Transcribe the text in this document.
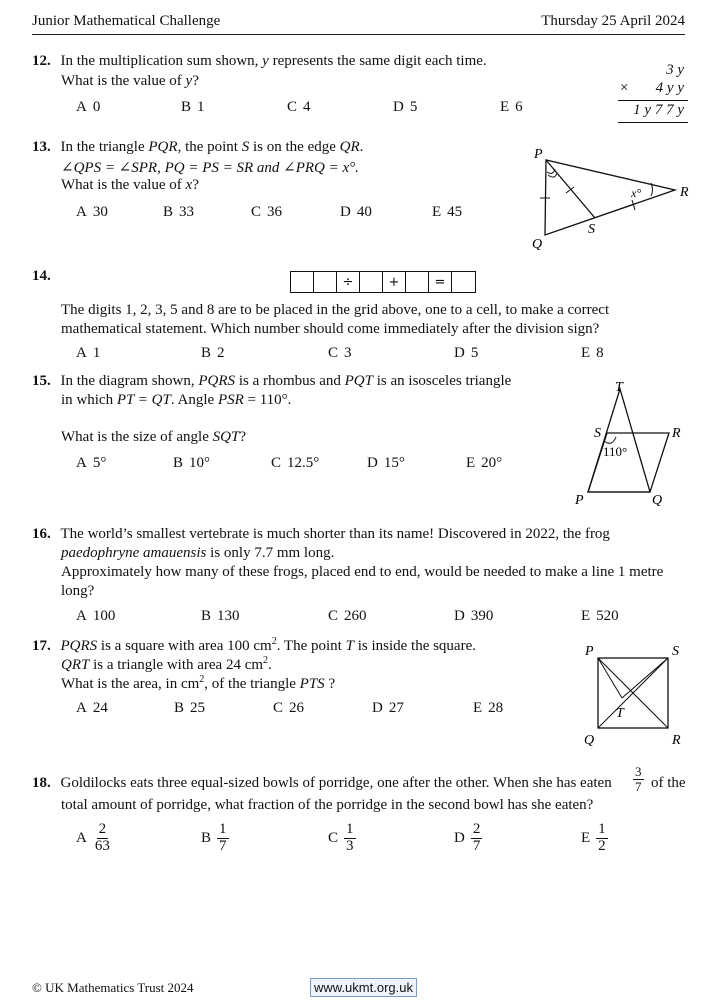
Junior Mathematical Challenge	Thursday 25 April 2024
12. In the multiplication sum shown, y represents the same digit each time.
What is the value of y?
A 0	B 1	C 4	D 5	E 6
3 y
× 4 y y
1 y 7 7 y
13. In the triangle PQR, the point S is on the edge QR.
∠QPS = ∠SPR, PQ = PS = SR and ∠PRQ = x°.
What is the value of x?
A 30	B 33	C 36	D 40	E 45
P
Q
R
S
x°
14.	÷	+	=
The digits 1, 2, 3, 5 and 8 are to be placed in the grid above, one to a cell, to make a correct
mathematical statement. Which number should come immediately after the division sign?
A 1	B 2	C 3	D 5	E 8
15. In the diagram shown, PQRS is a rhombus and PQT is an isosceles triangle
in which PT = QT. Angle PSR = 110°.
What is the size of angle SQT?
A 5°	B 10°	C 12.5°	D 15°	E 20°
T
S	R
P	Q
110°
16. The world’s smallest vertebrate is much shorter than its name! Discovered in 2022, the frog
paedophryne amauensis is only 7.7 mm long.
Approximately how many of these frogs, placed end to end, would be needed to make a line 1 metre
long?
A 100	B 130	C 260	D 390	E 520
17. PQRS is a square with area 100 $cm^2$. The point T is inside the square.
QRT is a triangle with area 24 $cm^2$.
What is the area, in $cm^2$, of the triangle PTS ?
A 24	B 25	C 26	D 27	E 28
P	S
T
Q	R
18. Goldilocks eats three equal-sized bowls of porridge, one after the other. When she has eaten $\frac{3}{7}$ of the
total amount of porridge, what fraction of the porridge in the second bowl has she eaten?
A $\frac{2}{63}$	B $\frac{1}{7}$	C $\frac{1}{3}$	D $\frac{2}{7}$	E $\frac{1}{2}$
© UK Mathematics Trust 2024	www.ukmt.org.uk
